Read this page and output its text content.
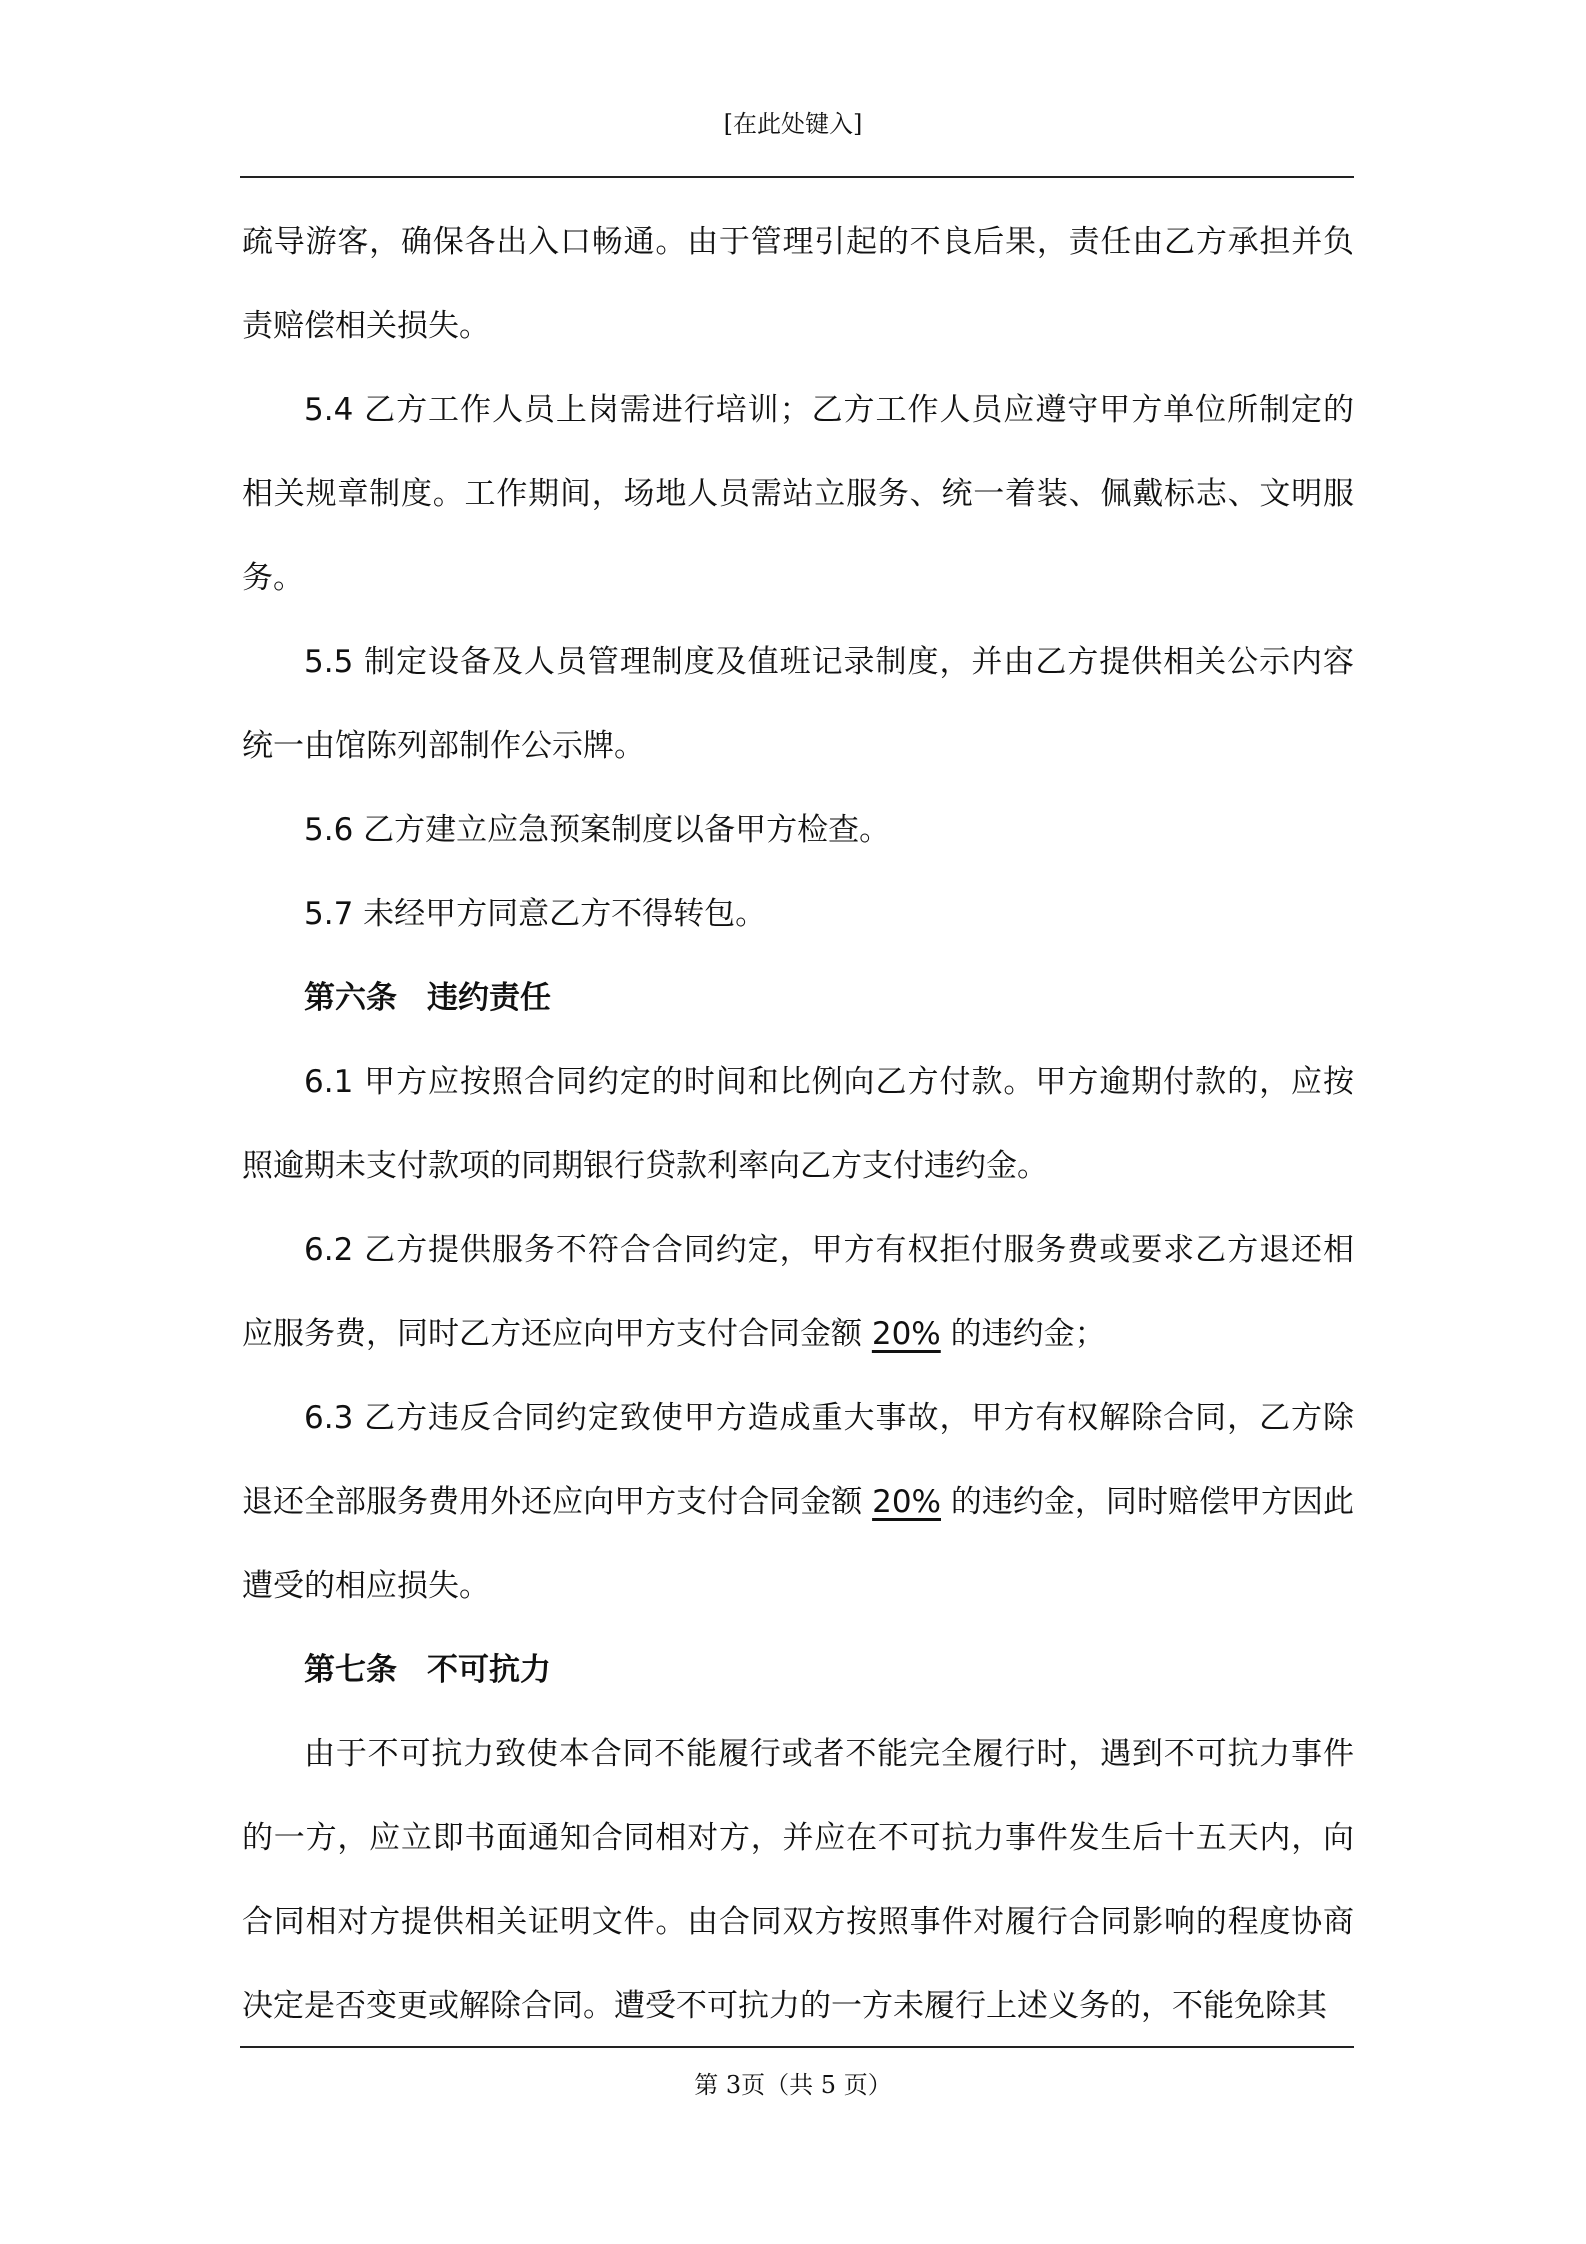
[在此处键入]

疏导游客，确保各出入口畅通。由于管理引起的不良后果，责任由乙方承担并负责赔偿相关损失。

5.4 乙方工作人员上岗需进行培训；乙方工作人员应遵守甲方单位所制定的相关规章制度。工作期间，场地人员需站立服务、统一着装、佩戴标志、文明服务。

5.5 制定设备及人员管理制度及值班记录制度，并由乙方提供相关公示内容统一由馆陈列部制作公示牌。

5.6 乙方建立应急预案制度以备甲方检查。

5.7 未经甲方同意乙方不得转包。

第六条 违约责任

6.1 甲方应按照合同约定的时间和比例向乙方付款。甲方逾期付款的，应按照逾期未支付款项的同期银行贷款利率向乙方支付违约金。

6.2 乙方提供服务不符合合同约定，甲方有权拒付服务费或要求乙方退还相应服务费，同时乙方还应向甲方支付合同金额 20% 的违约金；

6.3 乙方违反合同约定致使甲方造成重大事故，甲方有权解除合同，乙方除退还全部服务费用外还应向甲方支付合同金额 20% 的违约金，同时赔偿甲方因此遭受的相应损失。

第七条 不可抗力

由于不可抗力致使本合同不能履行或者不能完全履行时，遇到不可抗力事件的一方，应立即书面通知合同相对方，并应在不可抗力事件发生后十五天内，向合同相对方提供相关证明文件。由合同双方按照事件对履行合同影响的程度协商决定是否变更或解除合同。遭受不可抗力的一方未履行上述义务的，不能免除其

第 3页（共 5 页）
